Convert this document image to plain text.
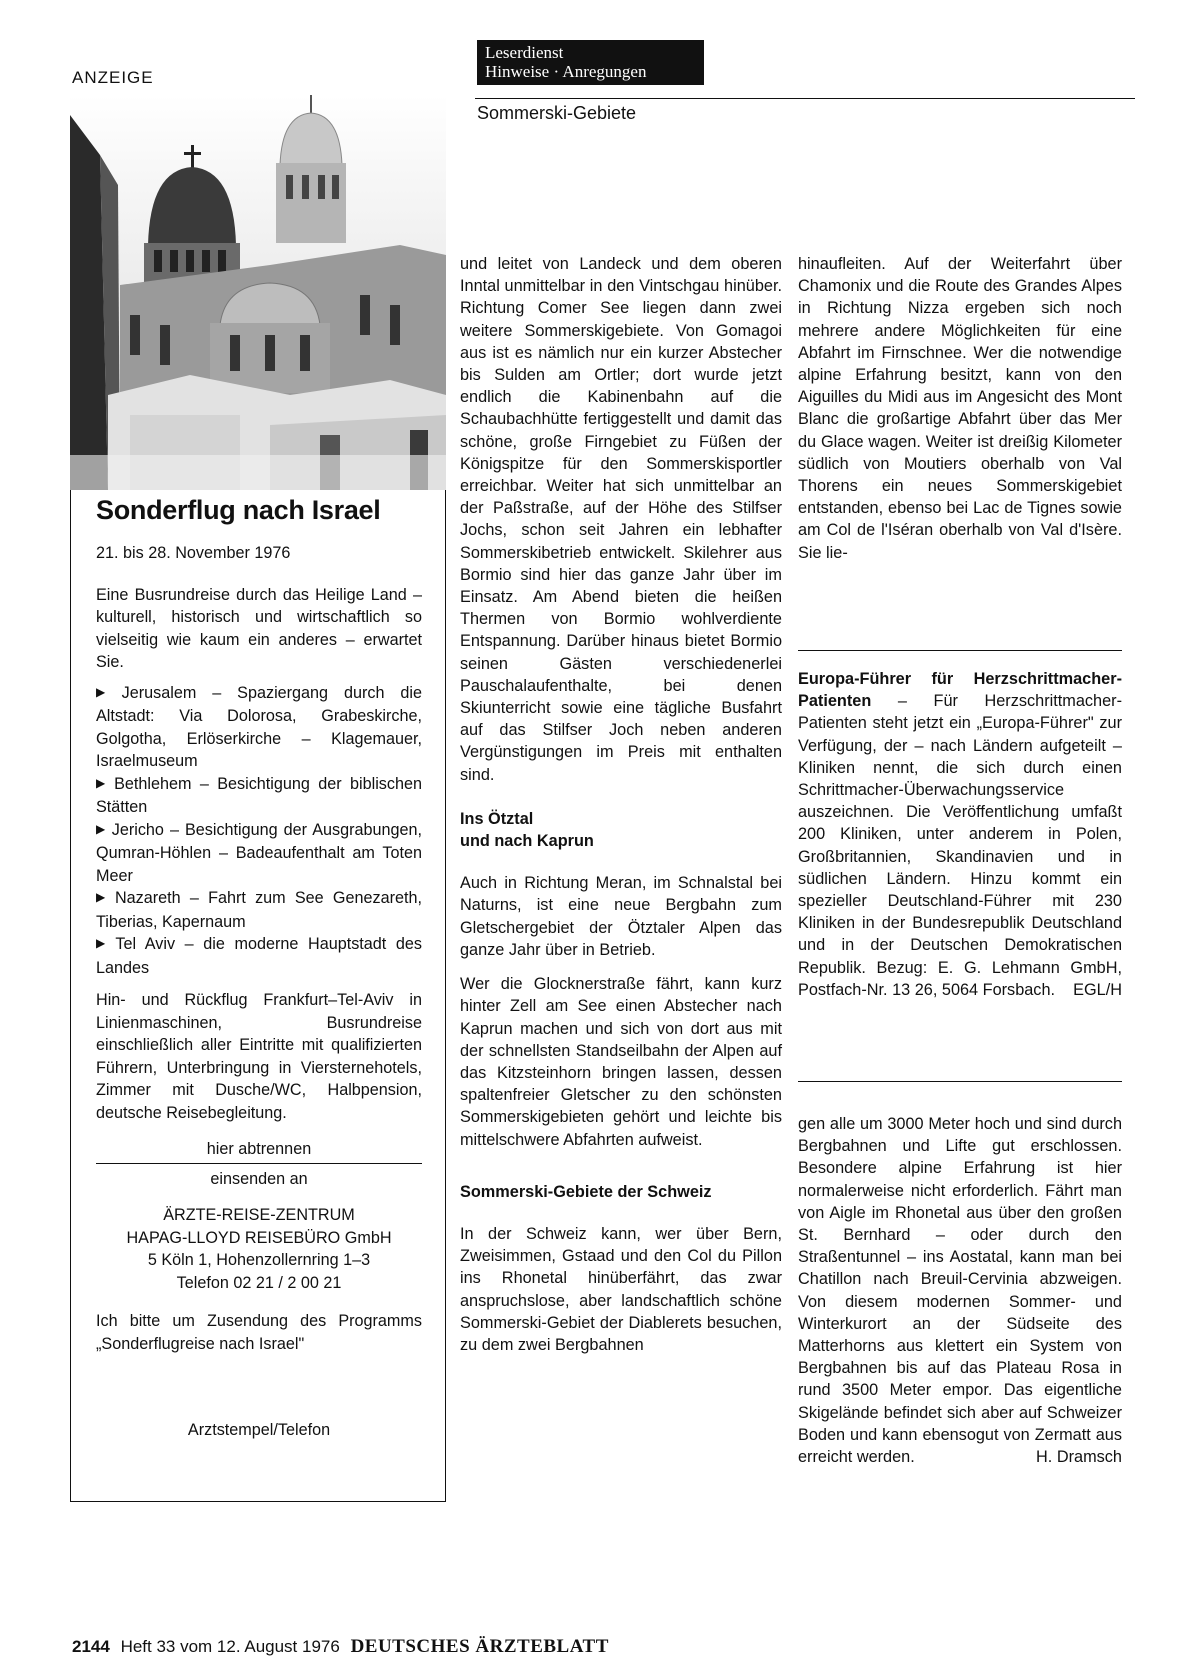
ANZEIGE
Leserdienst
Hinweise · Anregungen
Sommerski-Gebiete

Sonderflug nach Israel

21. bis 28. November 1976

Eine Busrundreise durch das Heilige Land – kulturell, historisch und wirtschaftlich so vielseitig wie kaum ein anderes – erwartet Sie.

▶ Jerusalem – Spaziergang durch die Altstadt: Via Dolorosa, Grabeskirche, Golgotha, Erlöserkirche – Klagemauer, Israelmuseum

▶ Bethlehem – Besichtigung der biblischen Stätten

▶ Jericho – Besichtigung der Ausgrabungen, Qumran-Höhlen – Badeaufenthalt am Toten Meer

▶ Nazareth – Fahrt zum See Genezareth, Tiberias, Kapernaum

▶ Tel Aviv – die moderne Hauptstadt des Landes

Hin- und Rückflug Frankfurt–Tel-Aviv in Linienmaschinen, Busrundreise einschließlich aller Eintritte mit qualifizierten Führern, Unterbringung in Viersternehotels, Zimmer mit Dusche/WC, Halbpension, deutsche Reisebegleitung.

hier abtrennen

einsenden an

ÄRZTE-REISE-ZENTRUM

HAPAG-LLOYD REISEBÜRO GmbH

5 Köln 1, Hohenzollernring 1–3

Telefon 02 21 / 2 00 21

Ich bitte um Zusendung des Programms „Sonderflugreise nach Israel"

Arztstempel/Telefon

und leitet von Landeck und dem oberen Inntal unmittelbar in den Vintschgau hinüber. Richtung Comer See liegen dann zwei weitere Sommerskigebiete. Von Gomagoi aus ist es nämlich nur ein kurzer Abstecher bis Sulden am Ortler; dort wurde jetzt endlich die Kabinenbahn auf die Schaubachhütte fertiggestellt und damit das schöne, große Firngebiet zu Füßen der Königspitze für den Sommerskisportler erreichbar. Weiter hat sich unmittelbar an der Paßstraße, auf der Höhe des Stilfser Jochs, schon seit Jahren ein lebhafter Sommerskibetrieb entwickelt. Skilehrer aus Bormio sind hier das ganze Jahr über im Einsatz. Am Abend bieten die heißen Thermen von Bormio wohlverdiente Entspannung. Darüber hinaus bietet Bormio seinen Gästen verschiedenerlei Pauschalaufenthalte, bei denen Skiunterricht sowie eine tägliche Busfahrt auf das Stilfser Joch neben anderen Vergünstigungen im Preis mit enthalten sind.

Ins Ötztal

und nach Kaprun

Auch in Richtung Meran, im Schnalstal bei Naturns, ist eine neue Bergbahn zum Gletschergebiet der Ötztaler Alpen das ganze Jahr über in Betrieb.

Wer die Glocknerstraße fährt, kann kurz hinter Zell am See einen Abstecher nach Kaprun machen und sich von dort aus mit der schnellsten Standseilbahn der Alpen auf das Kitzsteinhorn bringen lassen, dessen spaltenfreier Gletscher zu den schönsten Sommerskigebieten gehört und leichte bis mittelschwere Abfahrten aufweist.

Sommerski-Gebiete der Schweiz

In der Schweiz kann, wer über Bern, Zweisimmen, Gstaad und den Col du Pillon ins Rhonetal hinüberfährt, das zwar anspruchslose, aber landschaftlich schöne Sommerski-Gebiet der Diablerets besuchen, zu dem zwei Bergbahnen

hinaufleiten. Auf der Weiterfahrt über Chamonix und die Route des Grandes Alpes in Richtung Nizza ergeben sich noch mehrere andere Möglichkeiten für eine Abfahrt im Firnschnee. Wer die notwendige alpine Erfahrung besitzt, kann von den Aiguilles du Midi aus im Angesicht des Mont Blanc die großartige Abfahrt über das Mer du Glace wagen. Weiter ist dreißig Kilometer südlich von Moutiers oberhalb von Val Thorens ein neues Sommerskigebiet entstanden, ebenso bei Lac de Tignes sowie am Col de l'Iséran oberhalb von Val d'Isère. Sie lie-

Europa-Führer für Herzschrittmacher-Patienten – Für Herzschrittmacher-Patienten steht jetzt ein „Europa-Führer" zur Verfügung, der – nach Ländern aufgeteilt – Kliniken nennt, die sich durch einen Schrittmacher-Überwachungsservice auszeichnen. Die Veröffentlichung umfaßt 200 Kliniken, unter anderem in Polen, Großbritannien, Skandinavien und in südlichen Ländern. Hinzu kommt ein spezieller Deutschland-Führer mit 230 Kliniken in der Bundesrepublik Deutschland und in der Deutschen Demokratischen Republik. Bezug: E. G. Lehmann GmbH, Postfach-Nr. 13 26, 5064 Forsbach. EGL/H

gen alle um 3000 Meter hoch und sind durch Bergbahnen und Lifte gut erschlossen. Besondere alpine Erfahrung ist hier normalerweise nicht erforderlich. Fährt man von Aigle im Rhonetal aus über den großen St. Bernhard – oder durch den Straßentunnel – ins Aostatal, kann man bei Chatillon nach Breuil-Cervinia abzweigen. Von diesem modernen Sommer- und Winterkurort an der Südseite des Matterhorns aus klettert ein System von Bergbahnen bis auf das Plateau Rosa in rund 3500 Meter empor. Das eigentliche Skigelände befindet sich aber auf Schweizer Boden und kann ebensogut von Zermatt aus erreicht werden.	H. Dramsch

2144 Heft 33 vom 12. August 1976 DEUTSCHES ÄRZTEBLATT
